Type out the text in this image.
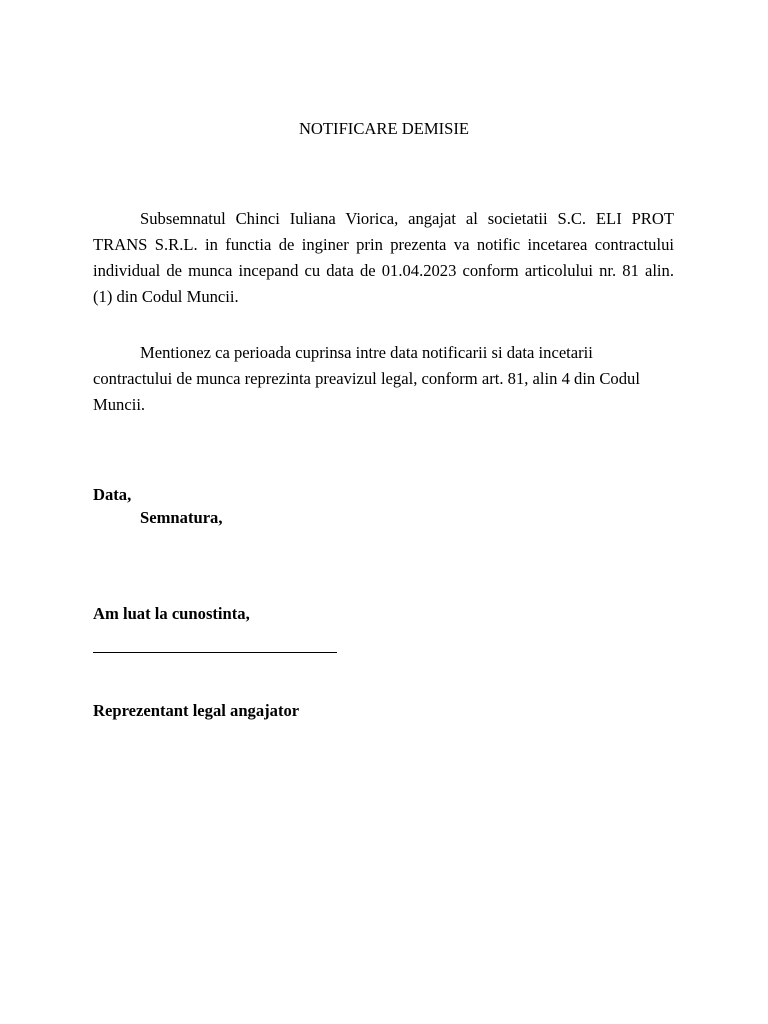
NOTIFICARE DEMISIE

Subsemnatul Chinci Iuliana Viorica, angajat al societatii S.C. ELI PROT TRANS S.R.L. in functia de inginer prin prezenta va notific incetarea contractului individual de munca incepand cu data de 01.04.2023 conform articolului nr. 81 alin. (1) din Codul Muncii.

Mentionez ca perioada cuprinsa intre data notificarii si data incetarii contractului de munca reprezinta preavizul legal, conform art. 81, alin 4 din Codul Muncii.

Data,
Semnatura,
Am luat la cunostinta,
Reprezentant legal angajator
